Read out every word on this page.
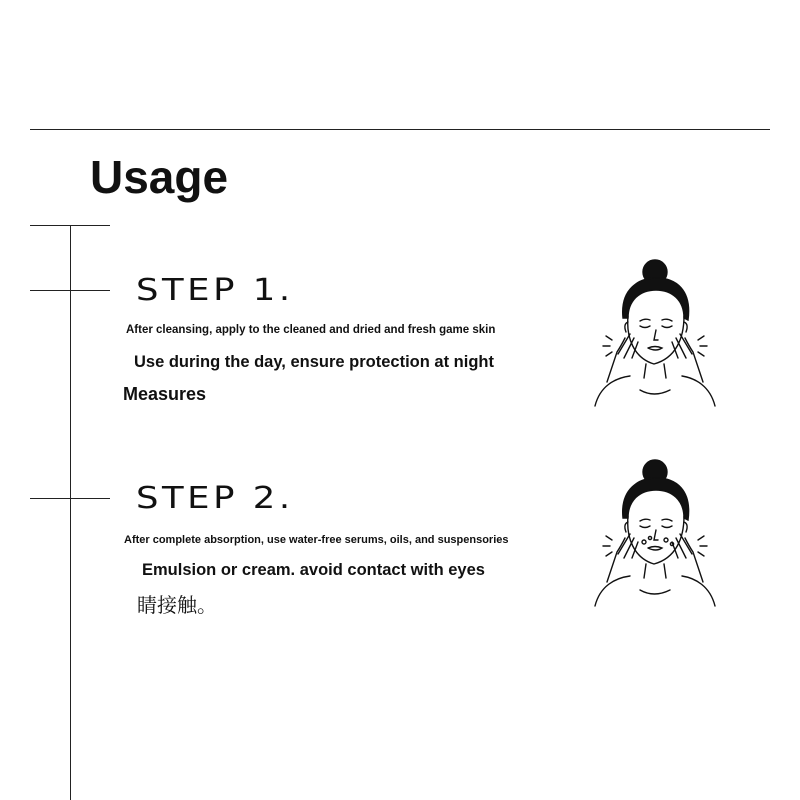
Usage
STEP 1.
After cleansing, apply to the cleaned and dried and fresh game skin
Use during the day, ensure protection at night
Measures
STEP 2.
After complete absorption, use water-free serums, oils, and suspensories
Emulsion or cream. avoid contact with eyes
睛接触。
